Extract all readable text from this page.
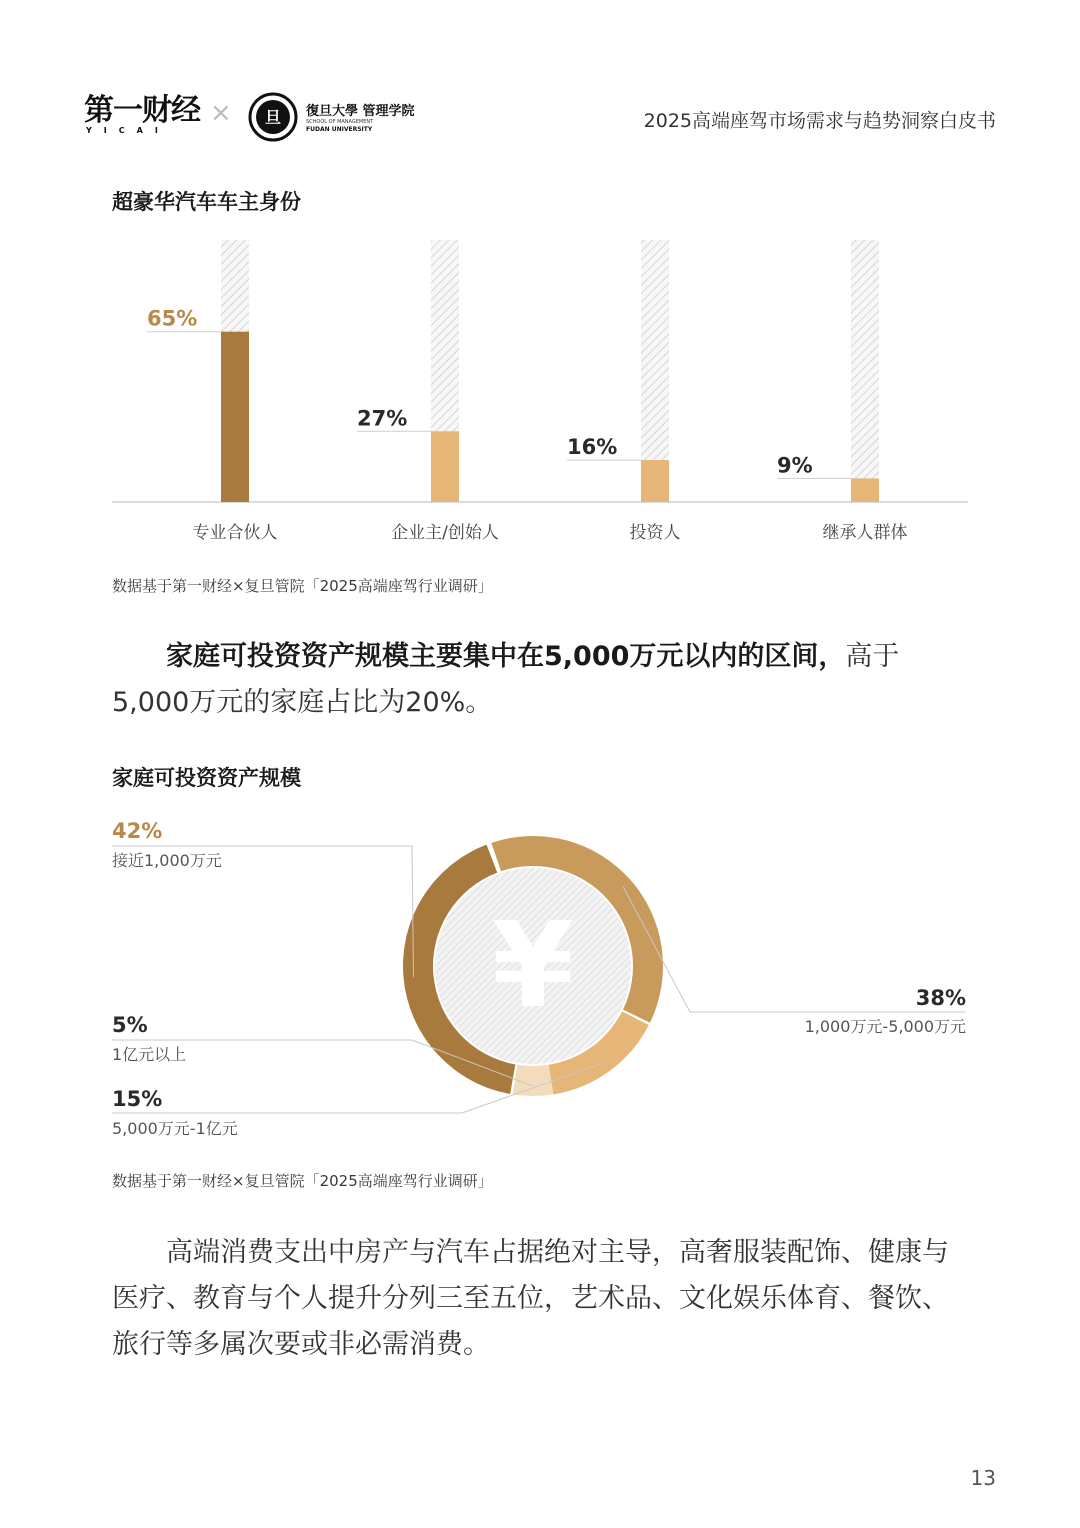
第一财经
YICAI
× 旦 復旦大學 管理学院
SCHOOL OF MANAGEMENT
FUDAN UNIVERSITY	2025高端座驾市场需求与趋势洞察白皮书
超豪华汽车车主身份
65%
专业合伙人
27%
企业主/创始人
16%
投资人
9%
继承人群体
数据基于第一财经×复旦管院「2025高端座驾行业调研」
家庭可投资资产规模主要集中在5,000万元以内的区间，高于5,000万元的家庭占比为20%。
家庭可投资资产规模
¥
42%
接近1,000万元
38%
1,000万元-5,000万元
15%
5,000万元-1亿元
5%
1亿元以上
数据基于第一财经×复旦管院「2025高端座驾行业调研」
高端消费支出中房产与汽车占据绝对主导，高奢服装配饰、健康与医疗、教育与个人提升分列三至五位，艺术品、文化娱乐体育、餐饮、旅行等多属次要或非必需消费。
13
